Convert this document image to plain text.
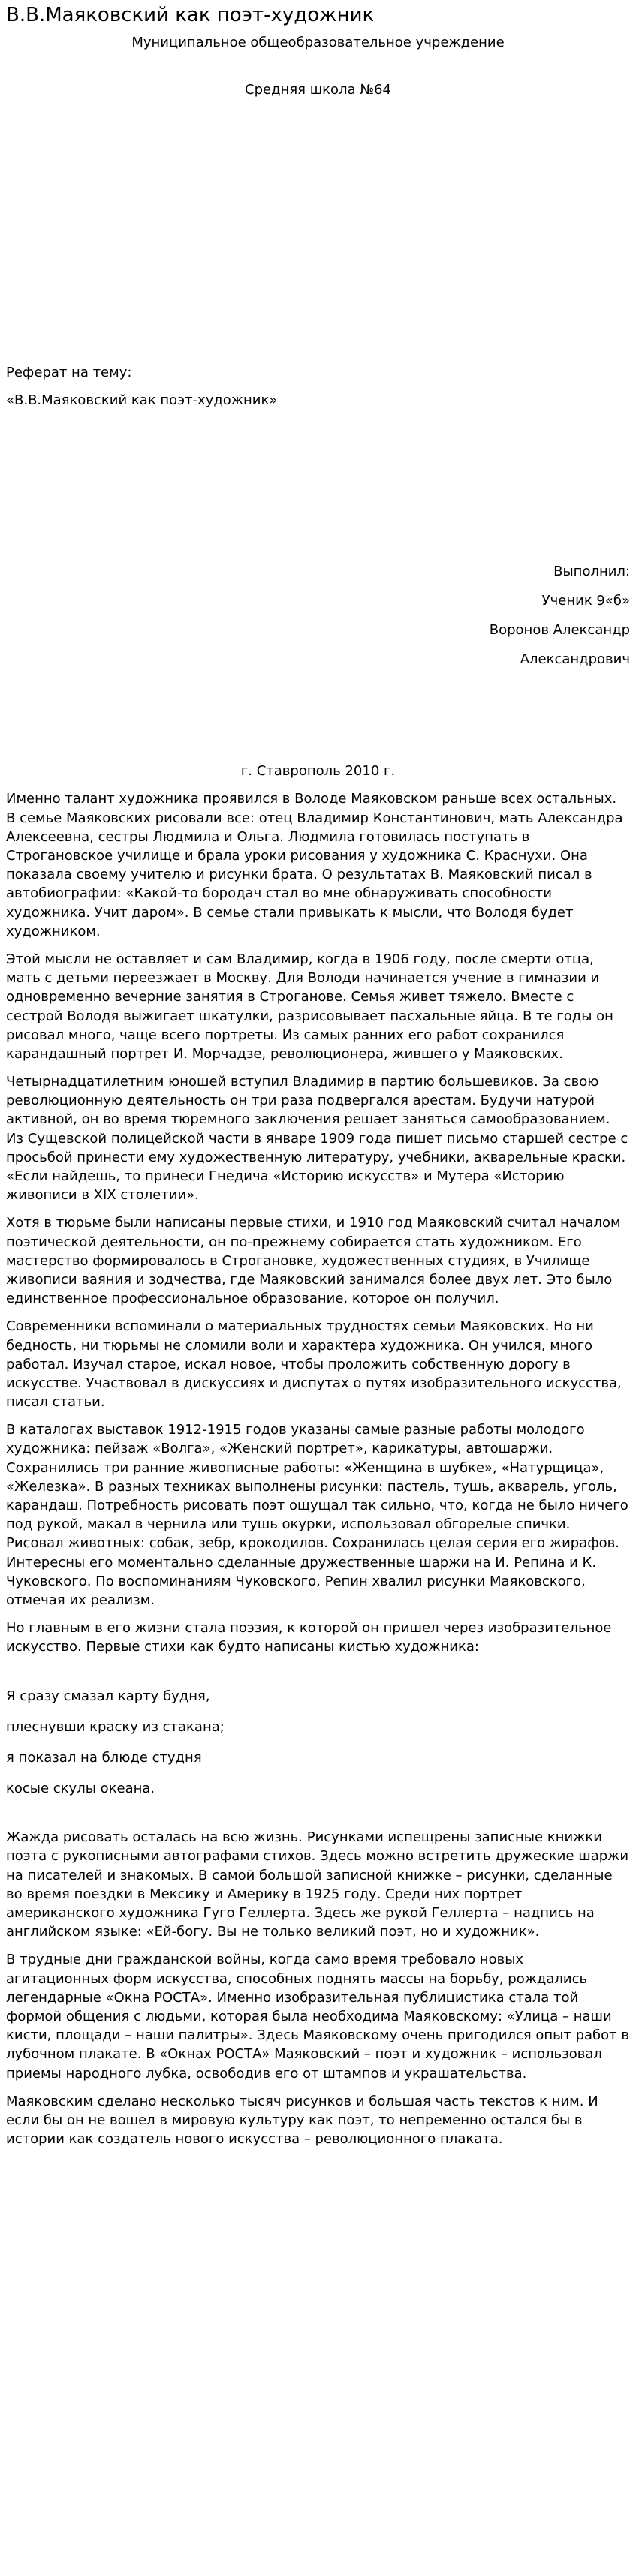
В.В.Маяковский как поэт-художник

Муниципальное общеобразовательное учреждение

Средняя школа №64

Реферат на тему:

«В.В.Маяковский как поэт-художник»

Выполнил:

Ученик 9«б»

Воронов Александр

Александрович

г. Ставрополь 2010 г.

Именно талант художника проявился в Володе Маяковском раньше всех остальных. В семье Маяковских рисовали все: отец Владимир Константинович, мать Александра Алексеевна, сестры Людмила и Ольга. Людмила готовилась поступать в Строгановское училище и брала уроки рисования у художника С. Краснухи. Она показала своему учителю и рисунки брата. О результатах В. Маяковский писал в автобиографии: «Какой-то бородач стал во мне обнаруживать способности художника. Учит даром». В семье стали привыкать к мысли, что Володя будет художником.

Этой мысли не оставляет и сам Владимир, когда в 1906 году, после смерти отца, мать с детьми переезжает в Москву. Для Володи начинается учение в гимназии и одновременно вечерние занятия в Строганове. Семья живет тяжело. Вместе с сестрой Володя выжигает шкатулки, разрисовывает пасхальные яйца. В те годы он рисовал много, чаще всего портреты. Из самых ранних его работ сохранился карандашный портрет И. Морчадзе, революционера, жившего у Маяковских.

Четырнадцатилетним юношей вступил Владимир в партию большевиков. За свою революционную деятельность он три раза подвергался арестам. Будучи натурой активной, он во время тюремного заключения решает заняться самообразованием. Из Сущевской полицейской части в январе 1909 года пишет письмо старшей сестре с просьбой принести ему художественную литературу, учебники, акварельные краски. «Если найдешь, то принеси Гнедича «Историю искусств» и Мутера «Историю живописи в XIX столетии».

Хотя в тюрьме были написаны первые стихи, и 1910 год Маяковский считал началом поэтической деятельности, он по-прежнему собирается стать художником. Его мастерство формировалось в Строгановке, художественных студиях, в Училище живописи ваяния и зодчества, где Маяковский занимался более двух лет. Это было единственное профессиональное образование, которое он получил.

Современники вспоминали о материальных трудностях семьи Маяковских. Но ни бедность, ни тюрьмы не сломили воли и характера художника. Он учился, много работал. Изучал старое, искал новое, чтобы проложить собственную дорогу в искусстве. Участвовал в дискуссиях и диспутах о путях изобразительного искусства, писал статьи.

В каталогах выставок 1912-1915 годов указаны самые разные работы молодого художника: пейзаж «Волга», «Женский портрет», карикатуры, автошаржи. Сохранились три ранние живописные работы: «Женщина в шубке», «Натурщица», «Железка». В разных техниках выполнены рисунки: пастель, тушь, акварель, уголь, карандаш. Потребность рисовать поэт ощущал так сильно, что, когда не было ничего под рукой, макал в чернила или тушь окурки, использовал обгорелые спички. Рисовал животных: собак, зебр, крокодилов. Сохранилась целая серия его жирафов. Интересны его моментально сделанные дружественные шаржи на И. Репина и К. Чуковского. По воспоминаниям Чуковского, Репин хвалил рисунки Маяковского, отмечая их реализм.

Но главным в его жизни стала поэзия, к которой он пришел через изобразительное искусство. Первые стихи как будто написаны кистью художника:

Я сразу смазал карту будня,

плеснувши краску из стакана;

я показал на блюде студня

косые скулы океана.

Жажда рисовать осталась на всю жизнь. Рисунками испещрены записные книжки поэта с рукописными автографами стихов. Здесь можно встретить дружеские шаржи на писателей и знакомых. В самой большой записной книжке – рисунки, сделанные во время поездки в Мексику и Америку в 1925 году. Среди них портрет американского художника Гуго Геллерта. Здесь же рукой Геллерта – надпись на английском языке: «Ей-богу. Вы не только великий поэт, но и художник».

В трудные дни гражданской войны, когда само время требовало новых агитационных форм искусства, способных поднять массы на борьбу, рождались легендарные «Окна РОСТА». Именно изобразительная публицистика стала той формой общения с людьми, которая была необходима Маяковскому: «Улица – наши кисти, площади – наши палитры». Здесь Маяковскому очень пригодился опыт работ в лубочном плакате. В «Окнах РОСТА» Маяковский – поэт и художник – использовал приемы народного лубка, освободив его от штампов и украшательства.

Маяковским сделано несколько тысяч рисунков и большая часть текстов к ним. И если бы он не вошел в мировую культуру как поэт, то непременно остался бы в истории как создатель нового искусства – революционного плаката.
